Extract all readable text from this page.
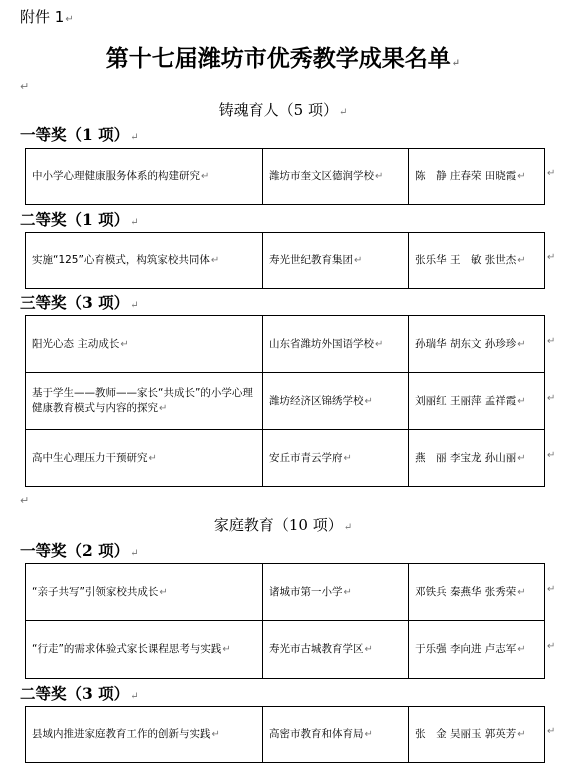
附件 1↵
第十七届潍坊市优秀教学成果名单↵
↵
铸魂育人（5 项）↵
一等奖（1 项）↵
中小学心理健康服务体系的构建研究↵	潍坊市奎文区德润学校↵	陈　静 庄春荣 田晓霞↵ ↵
二等奖（1 项）↵
实施“125”心育模式，构筑家校共同体↵	寿光世纪教育集团↵	张乐华 王　敏 张世杰↵ ↵
三等奖（3 项）↵
阳光心态 主动成长↵	山东省潍坊外国语学校↵	孙瑞华 胡东文 孙珍珍↵
基于学生——教师——家长“共成长”的小学心理健康教育模式与内容的探究↵	潍坊经济区锦绣学校↵	刘丽红 王丽萍 孟祥霞↵
高中生心理压力干预研究↵	安丘市青云学府↵	燕　丽 李宝龙 孙山丽↵
↵
↵
↵
↵
家庭教育（10 项）↵
一等奖（2 项）↵
“亲子共写”引领家校共成长↵	诸城市第一小学↵	邓铁兵 秦燕华 张秀荣↵
“行走”的需求体验式家长课程思考与实践↵	寿光市古城教育学区↵	于乐强 李向进 卢志军↵
↵
↵
二等奖（3 项）↵
县域内推进家庭教育工作的创新与实践↵	高密市教育和体育局↵	张　金 吴丽玉 郭英芳↵ ↵
